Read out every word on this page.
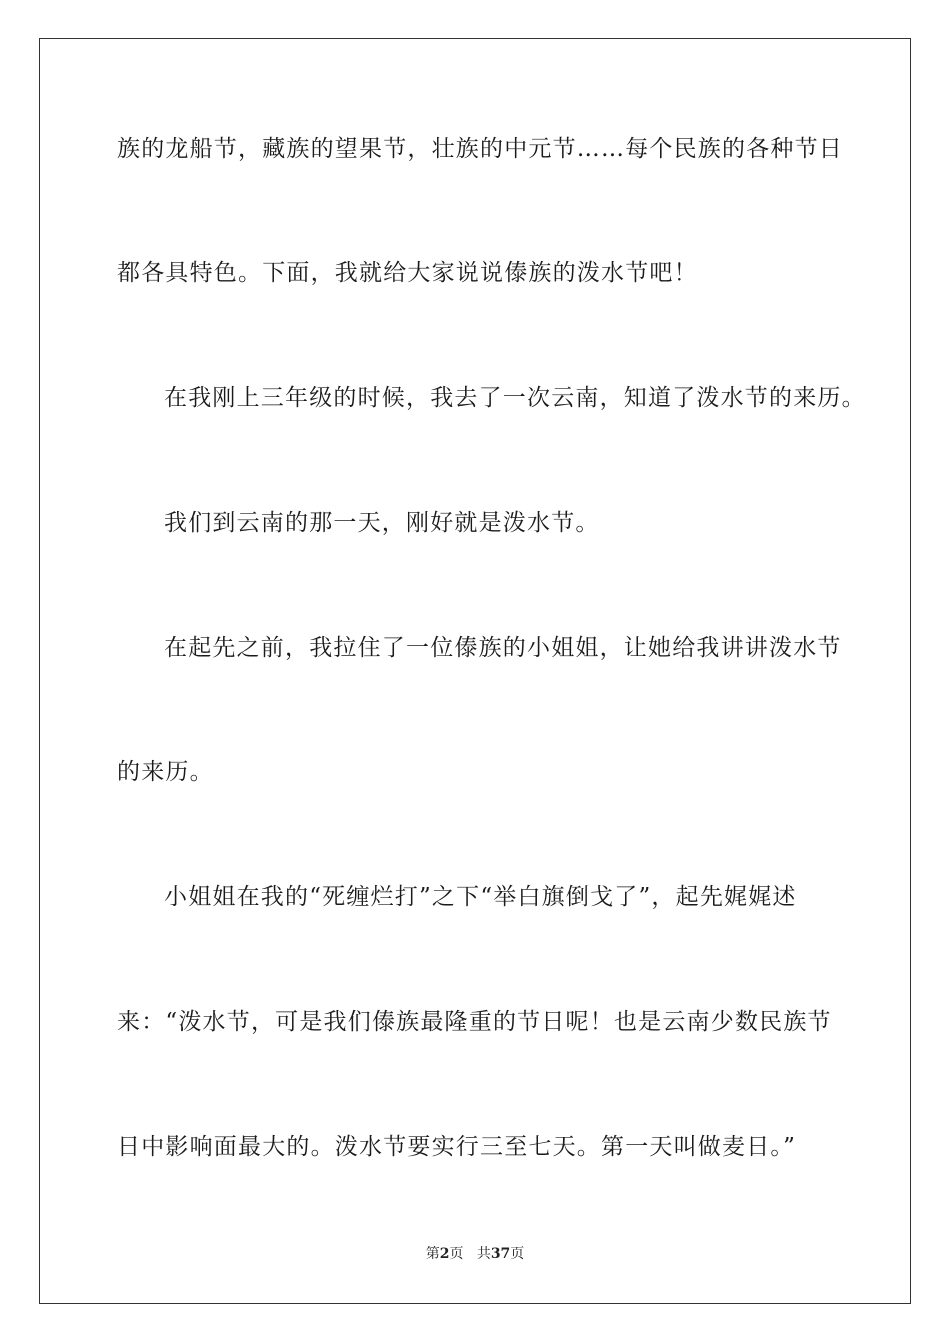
族的龙船节，藏族的望果节，壮族的中元节……每个民族的各种节日
都各具特色。下面，我就给大家说说傣族的泼水节吧！
在我刚上三年级的时候，我去了一次云南，知道了泼水节的来历。
我们到云南的那一天，刚好就是泼水节。
在起先之前，我拉住了一位傣族的小姐姐，让她给我讲讲泼水节
的来历。
小姐姐在我的“死缠烂打”之下“举白旗倒戈了”，起先娓娓述
来：“泼水节，可是我们傣族最隆重的节日呢！也是云南少数民族节
日中影响面最大的。泼水节要实行三至七天。第一天叫做麦日。”
第2页 共37页
